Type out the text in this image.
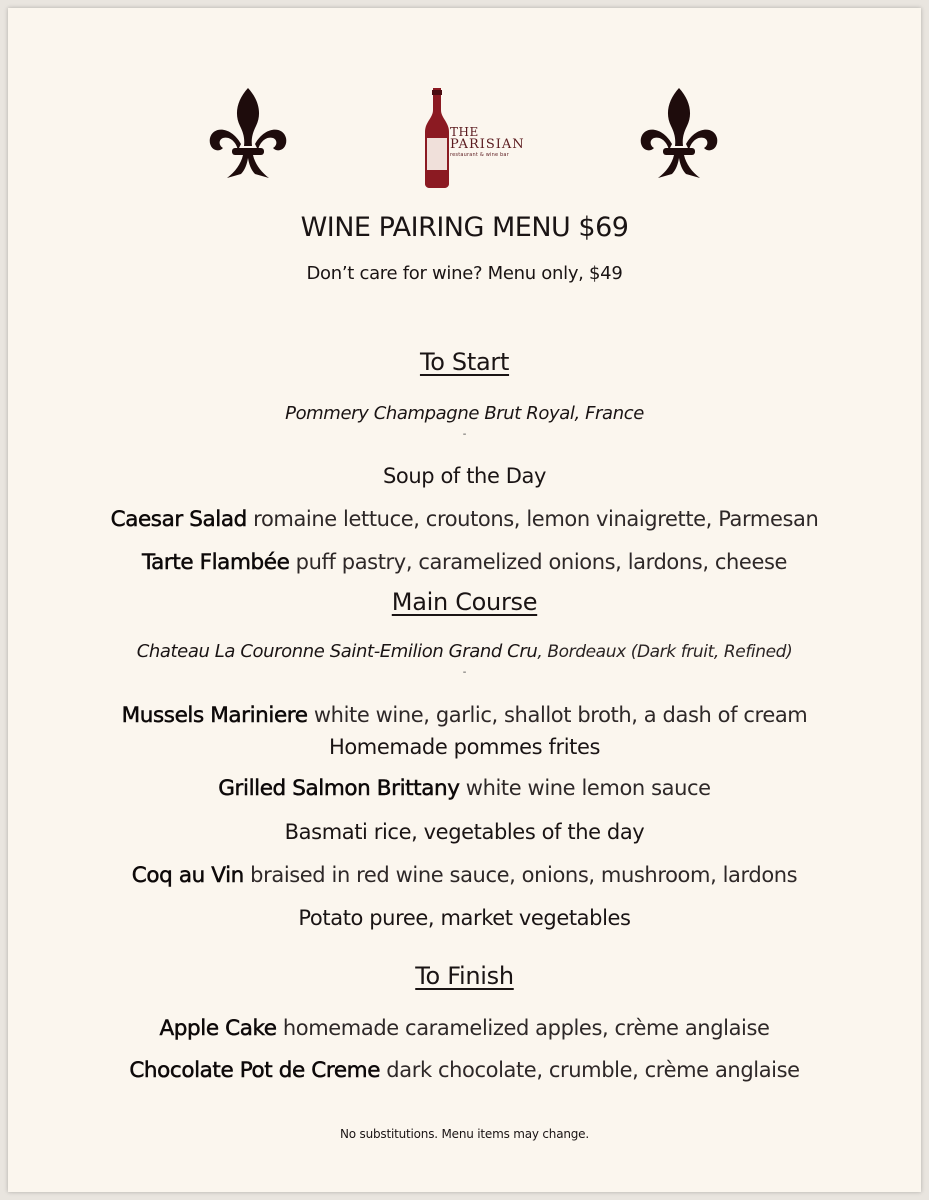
THE
PARISIAN
restaurant & wine bar
WINE PAIRING MENU $69
Don’t care for wine? Menu only, $49
To Start
Pommery Champagne Brut Royal, France
-
Soup of the Day
Caesar Salad romaine lettuce, croutons, lemon vinaigrette, Parmesan
Tarte Flambée puff pastry, caramelized onions, lardons, cheese
Main Course
Chateau La Couronne Saint-Emilion Grand Cru, Bordeaux (Dark fruit, Refined)
-
Mussels Mariniere white wine, garlic, shallot broth, a dash of cream
Homemade pommes frites
Grilled Salmon Brittany white wine lemon sauce
Basmati rice, vegetables of the day
Coq au Vin braised in red wine sauce, onions, mushroom, lardons
Potato puree, market vegetables
To Finish
Apple Cake homemade caramelized apples, crème anglaise
Chocolate Pot de Creme dark chocolate, crumble, crème anglaise
No substitutions. Menu items may change.
